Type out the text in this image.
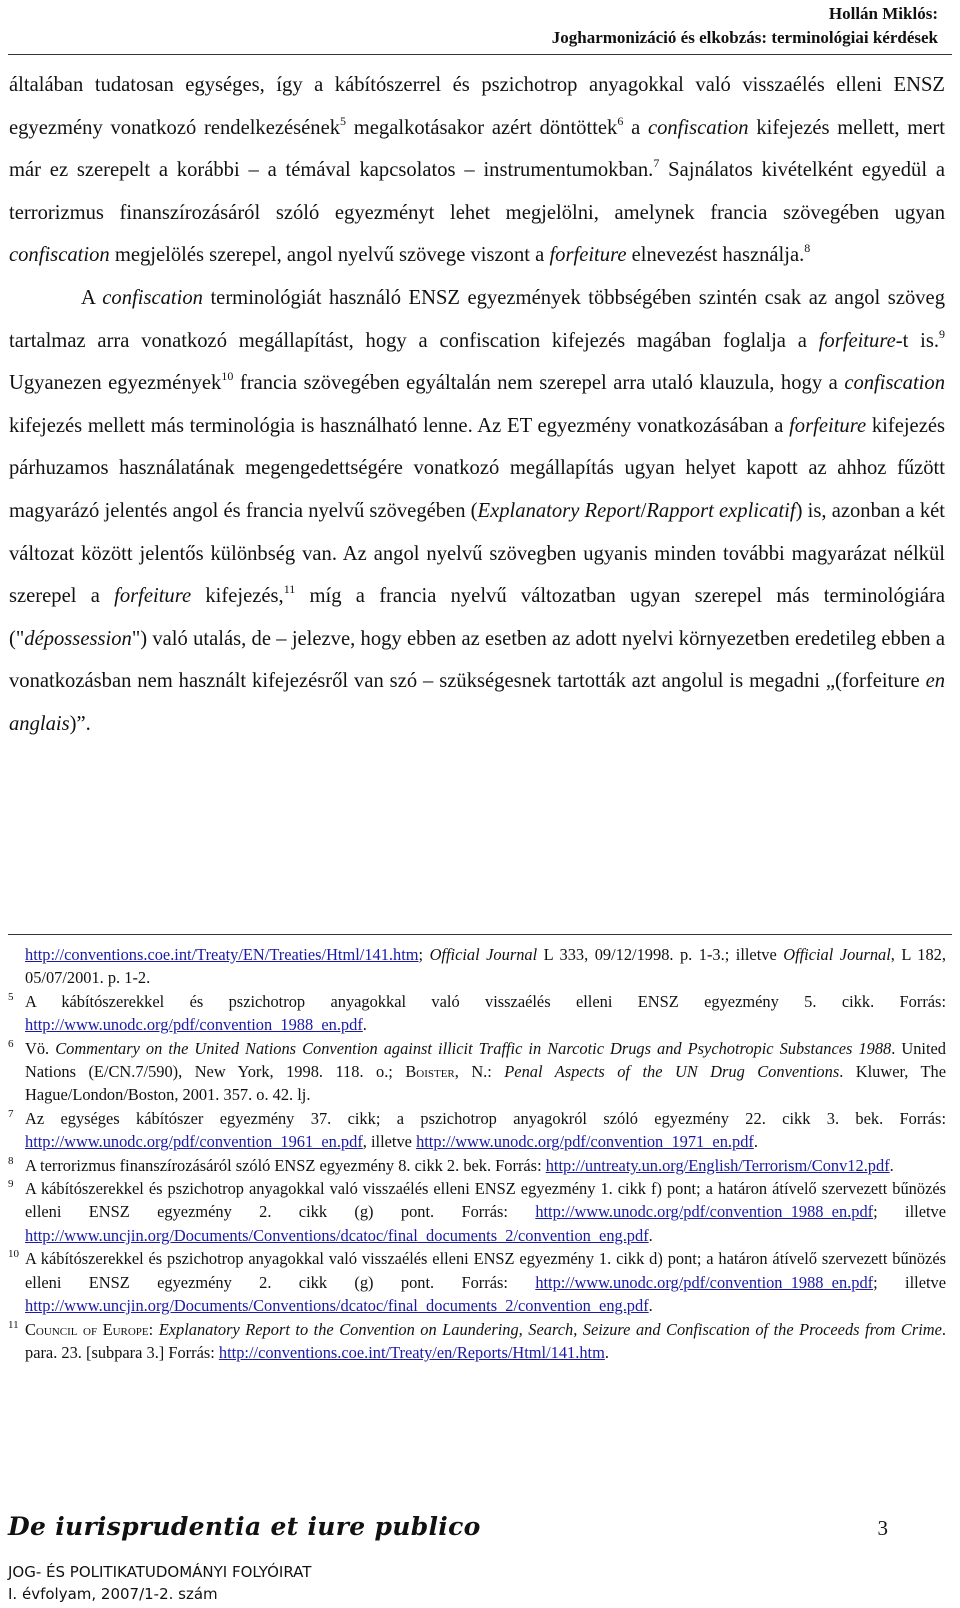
Hollán Miklós:
Jogharmonizáció és elkobzás: terminológiai kérdések

általában tudatosan egységes, így a kábítószerrel és pszichotrop anyagokkal való visszaélés elleni ENSZ egyezmény vonatkozó rendelkezésének$^5$ megalkotásakor azért döntöttek$^6$ a confiscation kifejezés mellett, mert már ez szerepelt a korábbi – a témával kapcsolatos – instrumentumokban.$^7$ Sajnálatos kivételként egyedül a terrorizmus finanszírozásáról szóló egyezményt lehet megjelölni, amelynek francia szövegében ugyan confiscation megjelölés szerepel, angol nyelvű szövege viszont a forfeiture elnevezést használja.$^8$

A confiscation terminológiát használó ENSZ egyezmények többségében szintén csak az angol szöveg tartalmaz arra vonatkozó megállapítást, hogy a confiscation kifejezés magában foglalja a forfeiture-t is.$^9$ Ugyanezen egyezmények$^{10}$ francia szövegében egyáltalán nem szerepel arra utaló klauzula, hogy a confiscation kifejezés mellett más terminológia is használható lenne. Az ET egyezmény vonatkozásában a forfeiture kifejezés párhuzamos használatának megengedettségére vonatkozó megállapítás ugyan helyet kapott az ahhoz fűzött magyarázó jelentés angol és francia nyelvű szövegében (Explanatory Report/Rapport explicatif) is, azonban a két változat között jelentős különbség van. Az angol nyelvű szövegben ugyanis minden további magyarázat nélkül szerepel a forfeiture kifejezés,$^{11}$ míg a francia nyelvű változatban ugyan szerepel más terminológiára ("dépossession") való utalás, de – jelezve, hogy ebben az esetben az adott nyelvi környezetben eredetileg ebben a vonatkozásban nem használt kifejezésről van szó – szükségesnek tartották azt angolul is megadni „(forfeiture en anglais)”.

http://conventions.coe.int/Treaty/EN/Treaties/Html/141.htm; Official Journal L 333, 09/12/1998. p. 1-3.; illetve Official Journal, L 182, 05/07/2001. p. 1-2.
5 A kábítószerekkel és pszichotrop anyagokkal való visszaélés elleni ENSZ egyezmény 5. cikk. Forrás: http://www.unodc.org/pdf/convention_1988_en.pdf.
6 Vö. Commentary on the United Nations Convention against illicit Traffic in Narcotic Drugs and Psychotropic Substances 1988. United Nations (E/CN.7/590), New York, 1998. 118. o.; Boister, N.: Penal Aspects of the UN Drug Conventions. Kluwer, The Hague/London/Boston, 2001. 357. o. 42. lj.
7 Az egységes kábítószer egyezmény 37. cikk; a pszichotrop anyagokról szóló egyezmény 22. cikk 3. bek. Forrás: http://www.unodc.org/pdf/convention_1961_en.pdf, illetve http://www.unodc.org/pdf/convention_1971_en.pdf.
8 A terrorizmus finanszírozásáról szóló ENSZ egyezmény 8. cikk 2. bek. Forrás: http://untreaty.un.org/English/Terrorism/Conv12.pdf.
9 A kábítószerekkel és pszichotrop anyagokkal való visszaélés elleni ENSZ egyezmény 1. cikk f) pont; a határon átívelő szervezett bűnözés elleni ENSZ egyezmény 2. cikk (g) pont. Forrás: http://www.unodc.org/pdf/convention_1988_en.pdf; illetve http://www.uncjin.org/Documents/Conventions/dcatoc/final_documents_2/convention_eng.pdf.
10 A kábítószerekkel és pszichotrop anyagokkal való visszaélés elleni ENSZ egyezmény 1. cikk d) pont; a határon átívelő szervezett bűnözés elleni ENSZ egyezmény 2. cikk (g) pont. Forrás: http://www.unodc.org/pdf/convention_1988_en.pdf; illetve http://www.uncjin.org/Documents/Conventions/dcatoc/final_documents_2/convention_eng.pdf.
11 Council of Europe: Explanatory Report to the Convention on Laundering, Search, Seizure and Confiscation of the Proceeds from Crime. para. 23. [subpara 3.] Forrás: http://conventions.coe.int/Treaty/en/Reports/Html/141.htm.
De iurisprudentia et iure publico	3
JOG- ÉS POLITIKATUDOMÁNYI FOLYÓIRAT
I. évfolyam, 2007/1-2. szám
